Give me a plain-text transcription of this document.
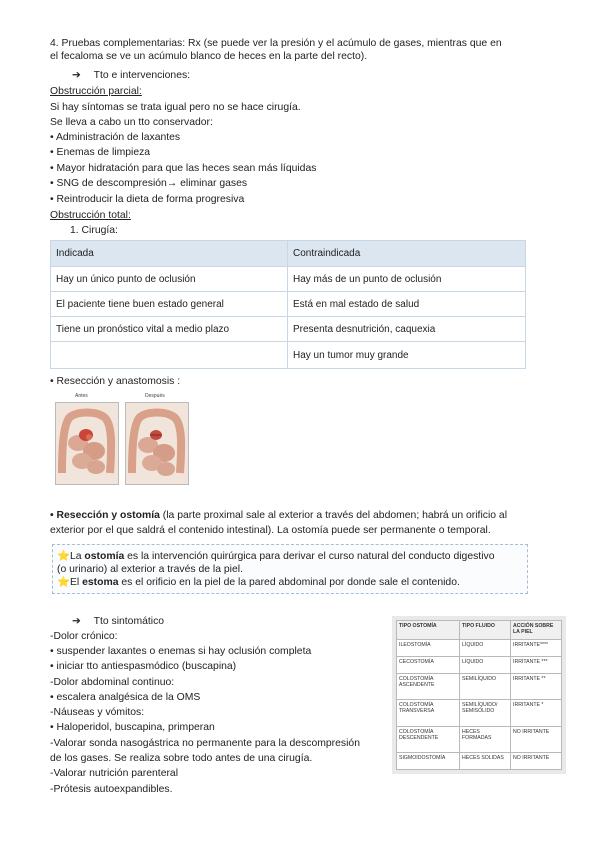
4. Pruebas complementarias: Rx (se puede ver la presión y el acúmulo de gases, mientras que en
el fecaloma se ve un acúmulo blanco de heces en la parte del recto).
➔ Tto e intervenciones:
Obstrucción parcial:
Si hay síntomas se trata igual pero no se hace cirugía.
Se lleva a cabo un tto conservador:
• Administración de laxantes
• Enemas de limpieza
• Mayor hidratación para que las heces sean más líquidas
• SNG de descompresión→ eliminar gases
• Reintroducir la dieta de forma progresiva
Obstrucción total:
1. Cirugía:
Indicada	Contraindicada
Hay un único punto de oclusión	Hay más de un punto de oclusión
El paciente tiene buen estado general	Está en mal estado de salud
Tiene un pronóstico vital a medio plazo	Presenta desnutrición, caquexia
	Hay un tumor muy grande
• Resección y anastomosis :
Antes	Después
• Resección y ostomía (la parte proximal sale al exterior a través del abdomen; habrá un orificio al
exterior por el que saldrá el contenido intestinal). La ostomía puede ser permanente o temporal.
⭐La ostomía es la intervención quirúrgica para derivar el curso natural del conducto digestivo
(o urinario) al exterior a través de la piel.
⭐El estoma es el orificio en la piel de la pared abdominal por donde sale el contenido.
➔ Tto sintomático
-Dolor crónico:
• suspender laxantes o enemas si hay oclusión completa
• iniciar tto antiespasmódico (buscapina)
-Dolor abdominal continuo:
• escalera analgésica de la OMS
-Náuseas y vómitos:
• Haloperidol, buscapina, primperan
-Valorar sonda nasogástrica no permanente para la descompresión
de los gases. Se realiza sobre todo antes de una cirugía.
-Valorar nutrición parenteral
-Prótesis autoexpandibles.
TIPO OSTOMÍA	TIPO FLUIDO	ACCIÓN SOBRE LA PIEL
ILEOSTOMÍA	LÍQUIDO	IRRITANTE****
CECOSTOMÍA	LÍQUIDO	IRRITANTE ***
COLOSTOMÍA ASCENDENTE	SEMILÍQUIDO	IRRITANTE **
COLOSTOMÍA TRANSVERSA	SEMILÍQUIDO/ SEMISÓLIDO	IRRITANTE *
COLOSTOMÍA DESCENDENTE	HECES FORMADAS	NO IRRITANTE
SIGMOIDOSTOMÍA	HECES SOLIDAS	NO IRRITANTE
